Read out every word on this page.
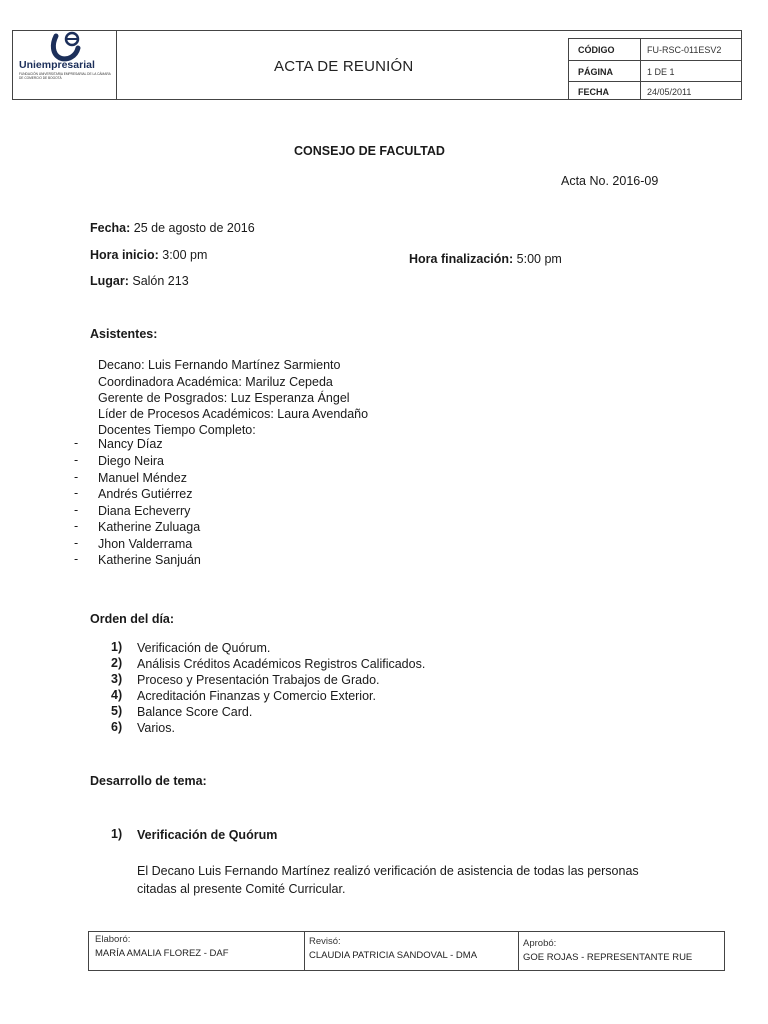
Uniempresarial
FUNDACIÓN UNIVERSITARIA EMPRESARIAL DE LA CÁMARA DE COMERCIO DE BOGOTÁ
ACTA DE REUNIÓN
CÓDIGO	FU-RSC-011ESV2
PÁGINA	1 DE 1
FECHA	24/05/2011
CONSEJO DE FACULTAD
Acta No. 2016-09
Fecha: 25 de agosto de 2016
Hora inicio: 3:00 pm	Hora finalización: 5:00 pm
Lugar: Salón 213
Asistentes:
Decano: Luis Fernando Martínez Sarmiento
Coordinadora Académica: Mariluz Cepeda
Gerente de Posgrados: Luz Esperanza Ángel
Líder de Procesos Académicos: Laura Avendaño
Docentes Tiempo Completo:
- Nancy Díaz
- Diego Neira
- Manuel Méndez
- Andrés Gutiérrez
- Diana Echeverry
- Katherine Zuluaga
- Jhon Valderrama
- Katherine Sanjuán
Orden del día:
1) Verificación de Quórum.
2) Análisis Créditos Académicos Registros Calificados.
3) Proceso y Presentación Trabajos de Grado.
4) Acreditación Finanzas y Comercio Exterior.
5) Balance Score Card.
6) Varios.
Desarrollo de tema:
1) Verificación de Quórum
El Decano Luis Fernando Martínez realizó verificación de asistencia de todas las personas
citadas al presente Comité Curricular.
Elaboró:
MARÍA AMALIA FLOREZ - DAF
Revisó:
CLAUDIA PATRICIA SANDOVAL - DMA
Aprobó:
GOE ROJAS - REPRESENTANTE RUE
